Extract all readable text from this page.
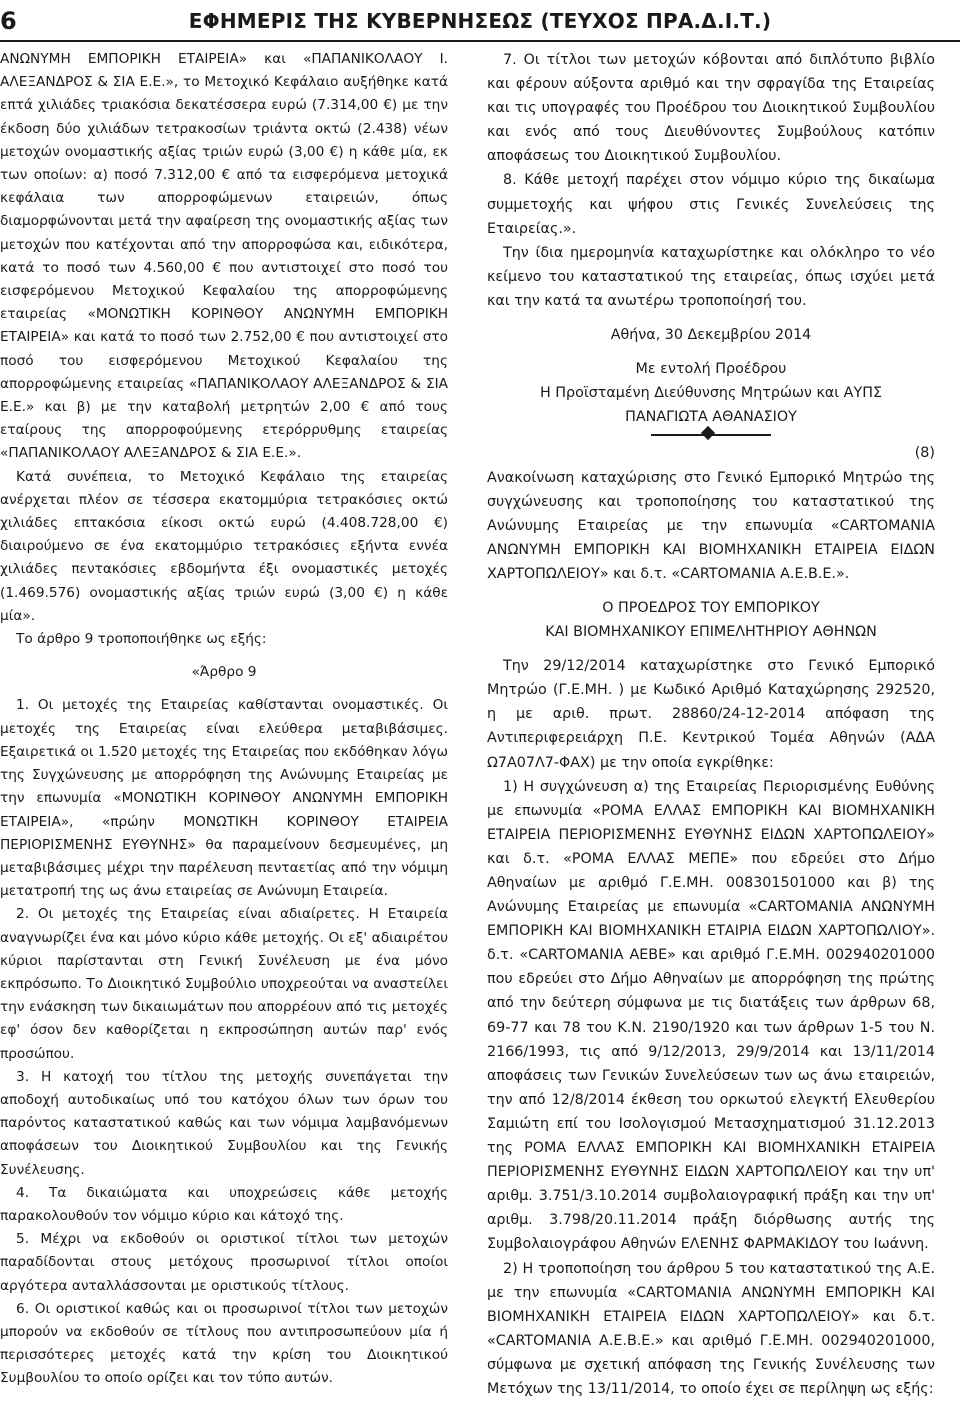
6	ΕΦΗΜΕΡΙΣ ΤΗΣ ΚΥΒΕΡΝΗΣΕΩΣ (ΤΕΥΧΟΣ ΠΡΑ.Δ.Ι.Τ.)

ΑΝΩΝΥΜΗ ΕΜΠΟΡΙΚΗ ΕΤΑΙΡΕΙΑ» και «ΠΑΠΑΝΙΚΟΛΑΟΥ Ι. ΑΛΕΞΑΝΔΡΟΣ & ΣΙΑ Ε.Ε.», το Μετοχικό Κεφάλαιο αυξήθηκε κατά επτά χιλιάδες τριακόσια δεκατέσσερα ευρώ (7.314,00 €) με την έκδοση δύο χιλιάδων τετρακοσίων τριάντα οκτώ (2.438) νέων μετοχών ονομαστικής αξίας τριών ευρώ (3,00 €) η κάθε μία, εκ των οποίων: α) ποσό 7.312,00 € από τα εισφερόμενα μετοχικά κεφάλαια των απορροφώμενων εταιρειών, όπως διαμορφώνονται μετά την αφαίρεση της ονομαστικής αξίας των μετοχών που κατέχονται από την απορροφώσα και, ειδικότερα, κατά το ποσό των 4.560,00 € που αντιστοιχεί στο ποσό του εισφερόμενου Μετοχικού Κεφαλαίου της απορροφώμενης εταιρείας «ΜΟΝΩΤΙΚΗ ΚΟΡΙΝΘΟΥ ΑΝΩΝΥΜΗ ΕΜΠΟΡΙΚΗ ΕΤΑΙΡΕΙΑ» και κατά το ποσό των 2.752,00 € που αντιστοιχεί στο ποσό του εισφερόμενου Μετοχικού Κεφαλαίου της απορροφώμενης εταιρείας «ΠΑΠΑΝΙΚΟΛΑΟΥ ΑΛΕΞΑΝΔΡΟΣ & ΣΙΑ Ε.Ε.» και β) με την καταβολή μετρητών 2,00 € από τους εταίρους της απορροφούμενης ετερόρρυθμης εταιρείας «ΠΑΠΑΝΙΚΟΛΑΟΥ ΑΛΕΞΑΝΔΡΟΣ & ΣΙΑ Ε.Ε.».

Κατά συνέπεια, το Μετοχικό Κεφάλαιο της εταιρείας ανέρχεται πλέον σε τέσσερα εκατομμύρια τετρακόσιες οκτώ χιλιάδες επτακόσια είκοσι οκτώ ευρώ (4.408.728,00 €) διαιρούμενο σε ένα εκατομμύριο τετρακόσιες εξήντα εννέα χιλιάδες πεντακόσιες εβδομήντα έξι ονομαστικές μετοχές (1.469.576) ονομαστικής αξίας τριών ευρώ (3,00 €) η κάθε μία».

Το άρθρο 9 τροποποιήθηκε ως εξής:

«Άρθρο 9

1. Οι μετοχές της Εταιρείας καθίστανται ονομαστικές. Οι μετοχές της Εταιρείας είναι ελεύθερα μεταβιβάσιμες. Εξαιρετικά οι 1.520 μετοχές της Εταιρείας που εκδόθηκαν λόγω της Συγχώνευσης με απορρόφηση της Ανώνυμης Εταιρείας με την επωνυμία «ΜΟΝΩΤΙΚΗ ΚΟΡΙΝΘΟΥ ΑΝΩΝΥΜΗ ΕΜΠΟΡΙΚΗ ΕΤΑΙΡΕΙΑ», «πρώην ΜΟΝΩΤΙΚΗ ΚΟΡΙΝΘΟΥ ΕΤΑΙΡΕΙΑ ΠΕΡΙΟΡΙΣΜΕΝΗΣ ΕΥΘΥΝΗΣ» θα παραμείνουν δεσμευμένες, μη μεταβιβάσιμες μέχρι την παρέλευση πενταετίας από την νόμιμη μετατροπή της ως άνω εταιρείας σε Ανώνυμη Εταιρεία.

2. Οι μετοχές της Εταιρείας είναι αδιαίρετες. Η Εταιρεία αναγνωρίζει ένα και μόνο κύριο κάθε μετοχής. Οι εξ' αδιαιρέτου κύριοι παρίστανται στη Γενική Συνέλευση με ένα μόνο εκπρόσωπο. Το Διοικητικό Συμβούλιο υποχρεούται να αναστείλει την ενάσκηση των δικαιωμάτων που απορρέουν από τις μετοχές εφ' όσον δεν καθορίζεται η εκπροσώπηση αυτών παρ' ενός προσώπου.

3. Η κατοχή του τίτλου της μετοχής συνεπάγεται την αποδοχή αυτοδικαίως υπό του κατόχου όλων των όρων του παρόντος καταστατικού καθώς και των νόμιμα λαμβανόμενων αποφάσεων του Διοικητικού Συμβουλίου και της Γενικής Συνέλευσης.

4. Τα δικαιώματα και υποχρεώσεις κάθε μετοχής παρακολουθούν τον νόμιμο κύριο και κάτοχό της.

5. Μέχρι να εκδοθούν οι οριστικοί τίτλοι των μετοχών παραδίδονται στους μετόχους προσωρινοί τίτλοι οποίοι αργότερα ανταλλάσσονται με οριστικούς τίτλους.

6. Οι οριστικοί καθώς και οι προσωρινοί τίτλοι των μετοχών μπορούν να εκδοθούν σε τίτλους που αντιπροσωπεύουν μία ή περισσότερες μετοχές κατά την κρίση του Διοικητικού Συμβουλίου το οποίο ορίζει και τον τύπο αυτών.

7. Οι τίτλοι των μετοχών κόβονται από διπλότυπο βιβλίο και φέρουν αύξοντα αριθμό και την σφραγίδα της Εταιρείας και τις υπογραφές του Προέδρου του Διοικητικού Συμβουλίου και ενός από τους Διευθύνοντες Συμβούλους κατόπιν αποφάσεως του Διοικητικού Συμβουλίου.

8. Κάθε μετοχή παρέχει στον νόμιμο κύριο της δικαίωμα συμμετοχής και ψήφου στις Γενικές Συνελεύσεις της Εταιρείας.».

Την ίδια ημερομηνία καταχωρίστηκε και ολόκληρο το νέο κείμενο του καταστατικού της εταιρείας, όπως ισχύει μετά και την κατά τα ανωτέρω τροποποίησή του.

Αθήνα, 30 Δεκεμβρίου 2014

Με εντολή Προέδρου

Η Προϊσταμένη Διεύθυνσης Μητρώων και ΑΥΠΣ

ΠΑΝΑΓΙΩΤΑ ΑΘΑΝΑΣΙΟΥ

(8)

Ανακοίνωση καταχώρισης στο Γενικό Εμπορικό Μητρώο της συγχώνευσης και τροποποίησης του καταστατικού της Ανώνυμης Εταιρείας με την επωνυμία «CARTOMANIA ΑΝΩΝΥΜΗ ΕΜΠΟΡΙΚΗ ΚΑΙ ΒΙΟΜΗΧΑΝΙΚΗ ΕΤΑΙΡΕΙΑ ΕΙΔΩΝ ΧΑΡΤΟΠΩΛΕΙΟΥ» και δ.τ. «CARTOMANIA Α.Ε.Β.Ε.».

Ο ΠΡΟΕΔΡΟΣ ΤΟΥ ΕΜΠΟΡΙΚΟΥ

ΚΑΙ ΒΙΟΜΗΧΑΝΙΚΟΥ ΕΠΙΜΕΛΗΤΗΡΙΟΥ ΑΘΗΝΩΝ

Την 29/12/2014 καταχωρίστηκε στο Γενικό Εμπορικό Μητρώο (Γ.Ε.ΜΗ. ) με Κωδικό Αριθμό Καταχώρησης 292520, η με αριθ. πρωτ. 28860/24-12-2014 απόφαση της Αντιπεριφερειάρχη Π.Ε. Κεντρικού Τομέα Αθηνών (ΑΔΑ Ω7Α07Λ7-ΦΑΧ) με την οποία εγκρίθηκε:

1) Η συγχώνευση α) της Εταιρείας Περιορισμένης Ευθύνης με επωνυμία «ΡΟΜΑ ΕΛΛΑΣ ΕΜΠΟΡΙΚΗ ΚΑΙ ΒΙΟΜΗΧΑΝΙΚΗ ΕΤΑΙΡΕΙΑ ΠΕΡΙΟΡΙΣΜΕΝΗΣ ΕΥΘΥΝΗΣ ΕΙΔΩΝ ΧΑΡΤΟΠΩΛΕΙΟΥ» και δ.τ. «ΡΟΜΑ ΕΛΛΑΣ ΜΕΠΕ» που εδρεύει στο Δήμο Αθηναίων με αριθμό Γ.Ε.ΜΗ. 008301501000 και β) της Ανώνυμης Εταιρείας με επωνυμία «CARTOMANIA ΑΝΩΝΥΜΗ ΕΜΠΟΡΙΚΗ ΚΑΙ ΒΙΟΜΗΧΑΝΙΚΗ ΕΤΑΙΡΙΑ ΕΙΔΩΝ ΧΑΡΤΟΠΩΛΙΟΥ». δ.τ. «CARTOMANIA ΑΕΒΕ» και αριθμό Γ.Ε.ΜΗ. 002940201000 που εδρεύει στο Δήμο Αθηναίων με απορρόφηση της πρώτης από την δεύτερη σύμφωνα με τις διατάξεις των άρθρων 68, 69-77 και 78 του Κ.Ν. 2190/1920 και των άρθρων 1-5 του Ν. 2166/1993, τις από 9/12/2013, 29/9/2014 και 13/11/2014 αποφάσεις των Γενικών Συνελεύσεων των ως άνω εταιρειών, την από 12/8/2014 έκθεση του ορκωτού ελεγκτή Ελευθερίου Σαμιώτη επί του Ισολογισμού Μετασχηματισμού 31.12.2013 της ΡΟΜΑ ΕΛΛΑΣ ΕΜΠΟΡΙΚΗ ΚΑΙ ΒΙΟΜΗΧΑΝΙΚΗ ΕΤΑΙΡΕΙΑ ΠΕΡΙΟΡΙΣΜΕΝΗΣ ΕΥΘΥΝΗΣ ΕΙΔΩΝ ΧΑΡΤΟΠΩΛΕΙΟΥ και την υπ' αριθμ. 3.751/3.10.2014 συμβολαιογραφική πράξη και την υπ' αριθμ. 3.798/20.11.2014 πράξη διόρθωσης αυτής της Συμβολαιογράφου Αθηνών ΕΛΕΝΗΣ ΦΑΡΜΑΚΙΔΟΥ του Ιωάννη.

2) Η τροποποίηση του άρθρου 5 του καταστατικού της Α.Ε. με την επωνυμία «CARTOMANIA ΑΝΩΝΥΜΗ ΕΜΠΟΡΙΚΗ ΚΑΙ ΒΙΟΜΗΧΑΝΙΚΗ ΕΤΑΙΡΕΙΑ ΕΙΔΩΝ ΧΑΡΤΟΠΩΛΕΙΟΥ» και δ.τ. «CARTOMANIA Α.Ε.Β.Ε.» και αριθμό Γ.Ε.ΜΗ. 002940201000, σύμφωνα με σχετική απόφαση της Γενικής Συνέλευσης των Μετόχων της 13/11/2014, το οποίο έχει σε περίληψη ως εξής:
